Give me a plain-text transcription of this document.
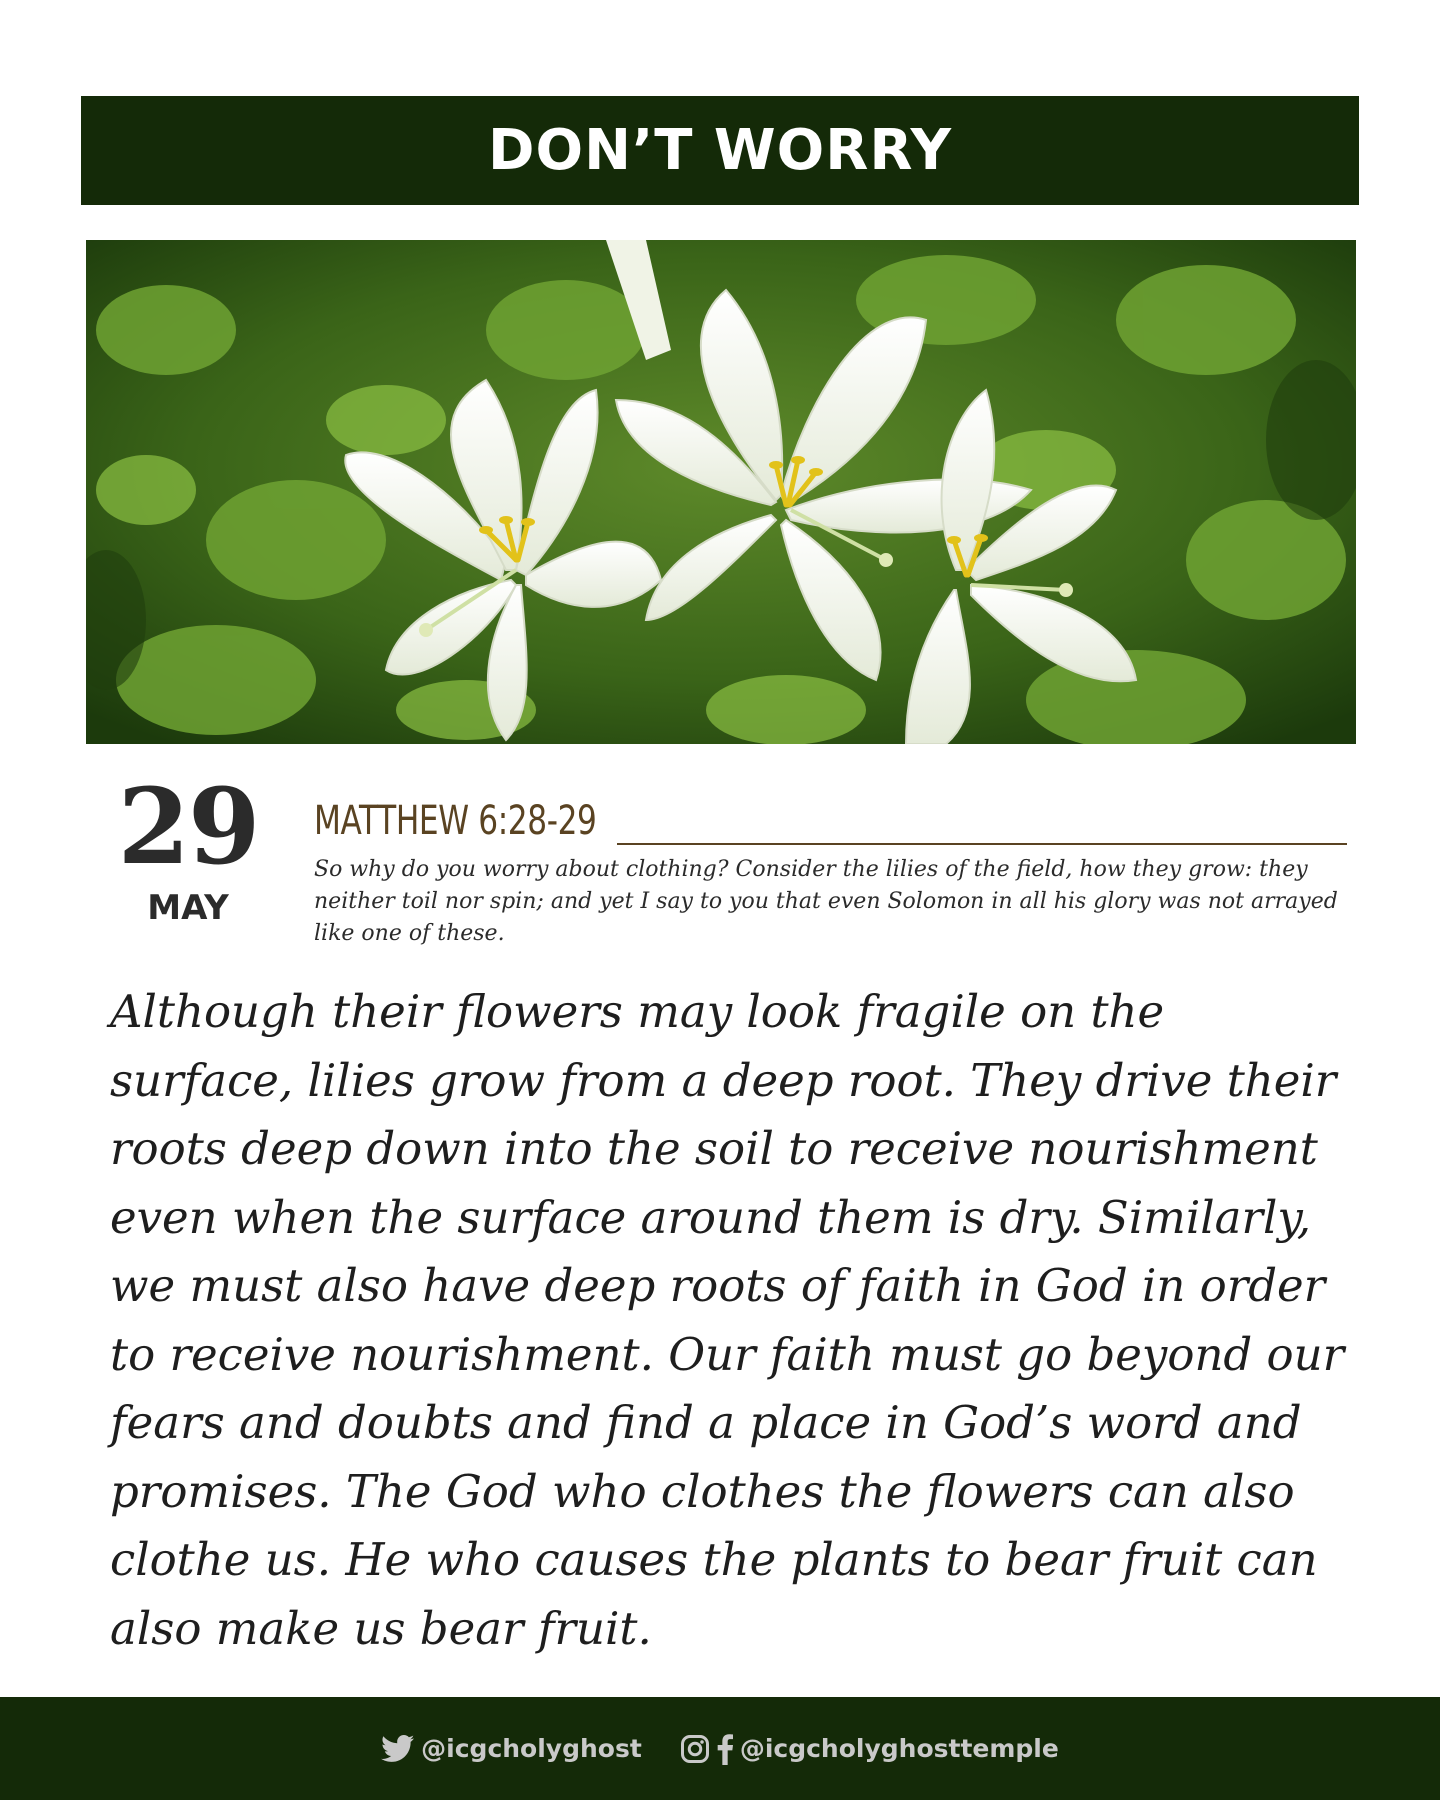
DON’T WORRY
29
MAY
MATTHEW 6:28-29
So why do you worry about clothing? Consider the lilies of the field, how they grow: they neither toil nor spin; and yet I say to you that even Solomon in all his glory was not arrayed like one of these.
Although their flowers may look fragile on the surface, lilies grow from a deep root. They drive their roots deep down into the soil to receive nourishment even when the surface around them is dry. Similarly, we must also have deep roots of faith in God in order to receive nourishment. Our faith must go beyond our fears and doubts and find a place in God’s word and promises. The God who clothes the flowers can also clothe us. He who causes the plants to bear fruit can also make us bear fruit.
@icgcholyghost	@icgcholyghosttemple
